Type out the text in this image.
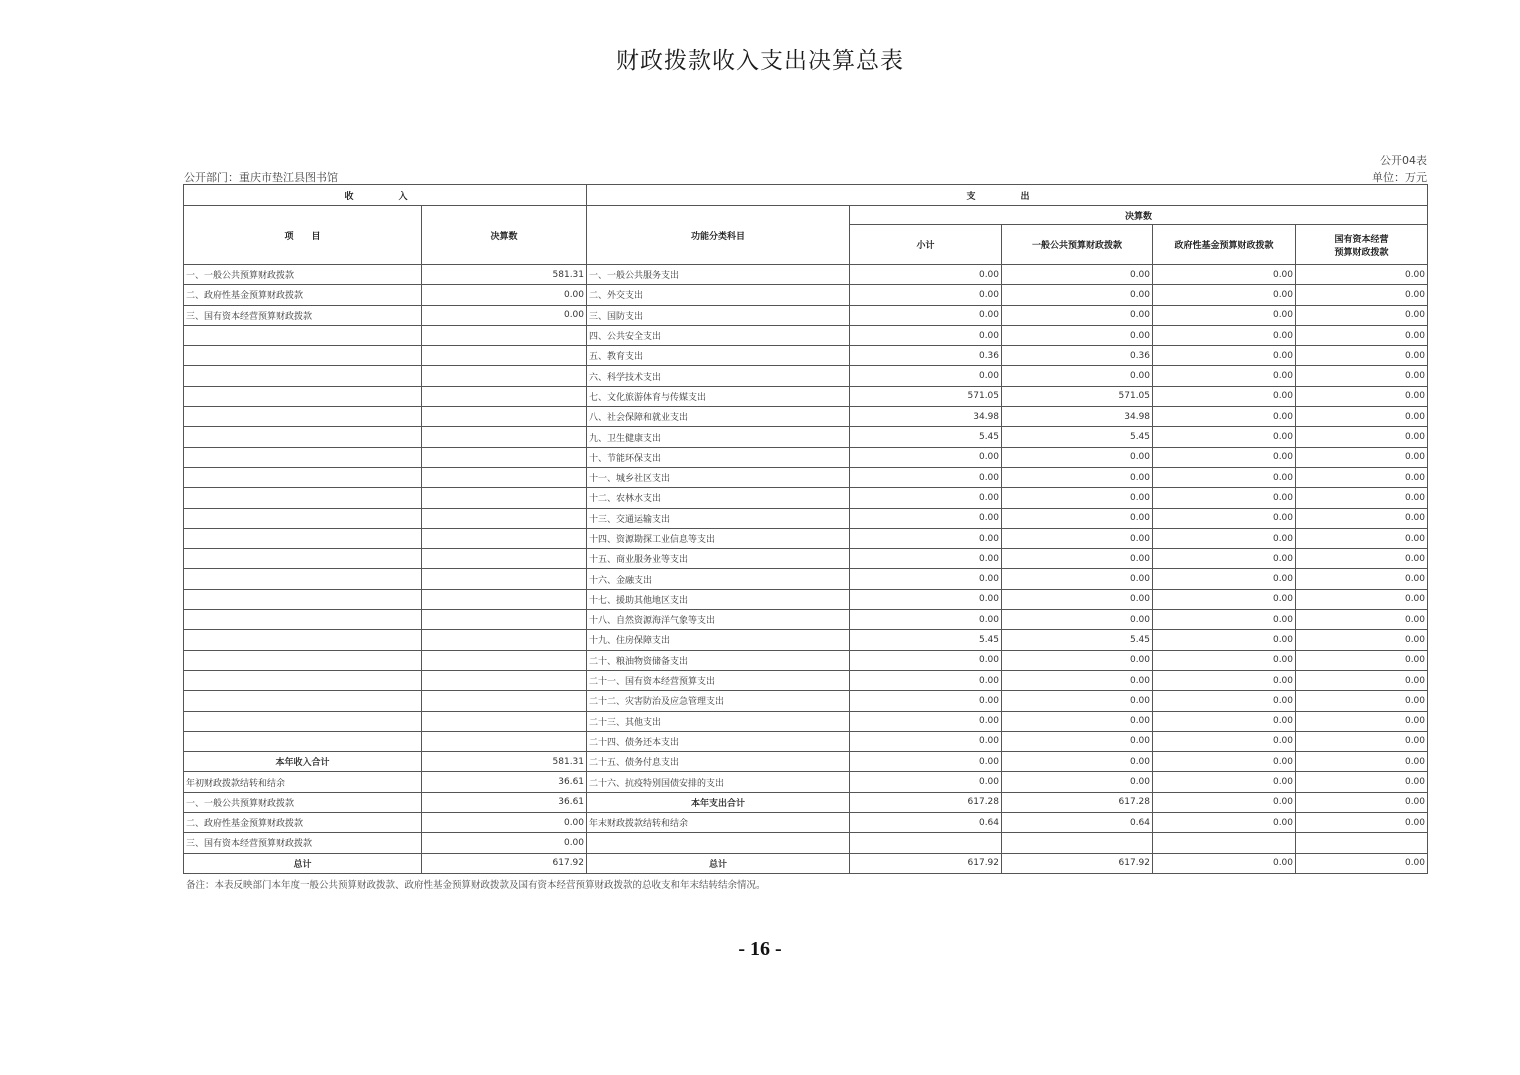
财政拨款收入支出决算总表
公开04表
公开部门：重庆市垫江县图书馆	单位：万元
收　入		支　出				
项　　目	决算数	功能分类科目	决算数			
			小计	一般公共预算财政拨款	政府性基金预算财政拨款	国有资本经营
预算财政拨款
一、一般公共预算财政拨款	581.31	一、一般公共服务支出	0.00	0.00	0.00	0.00
二、政府性基金预算财政拨款	0.00	二、外交支出	0.00	0.00	0.00	0.00
三、国有资本经营预算财政拨款	0.00	三、国防支出	0.00	0.00	0.00	0.00
		四、公共安全支出	0.00	0.00	0.00	0.00
		五、教育支出	0.36	0.36	0.00	0.00
		六、科学技术支出	0.00	0.00	0.00	0.00
		七、文化旅游体育与传媒支出	571.05	571.05	0.00	0.00
		八、社会保障和就业支出	34.98	34.98	0.00	0.00
		九、卫生健康支出	5.45	5.45	0.00	0.00
		十、节能环保支出	0.00	0.00	0.00	0.00
		十一、城乡社区支出	0.00	0.00	0.00	0.00
		十二、农林水支出	0.00	0.00	0.00	0.00
		十三、交通运输支出	0.00	0.00	0.00	0.00
		十四、资源勘探工业信息等支出	0.00	0.00	0.00	0.00
		十五、商业服务业等支出	0.00	0.00	0.00	0.00
		十六、金融支出	0.00	0.00	0.00	0.00
		十七、援助其他地区支出	0.00	0.00	0.00	0.00
		十八、自然资源海洋气象等支出	0.00	0.00	0.00	0.00
		十九、住房保障支出	5.45	5.45	0.00	0.00
		二十、粮油物资储备支出	0.00	0.00	0.00	0.00
		二十一、国有资本经营预算支出	0.00	0.00	0.00	0.00
		二十二、灾害防治及应急管理支出	0.00	0.00	0.00	0.00
		二十三、其他支出	0.00	0.00	0.00	0.00
		二十四、债务还本支出	0.00	0.00	0.00	0.00
本年收入合计	581.31	二十五、债务付息支出	0.00	0.00	0.00	0.00
年初财政拨款结转和结余	36.61	二十六、抗疫特别国债安排的支出	0.00	0.00	0.00	0.00
一、一般公共预算财政拨款	36.61	本年支出合计	617.28	617.28	0.00	0.00
二、政府性基金预算财政拨款	0.00	年末财政拨款结转和结余	0.64	0.64	0.00	0.00
三、国有资本经营预算财政拨款	0.00					
总计	617.92	总计	617.92	617.92	0.00	0.00
备注：本表反映部门本年度一般公共预算财政拨款、政府性基金预算财政拨款及国有资本经营预算财政拨款的总收支和年末结转结余情况。
- 16 -
